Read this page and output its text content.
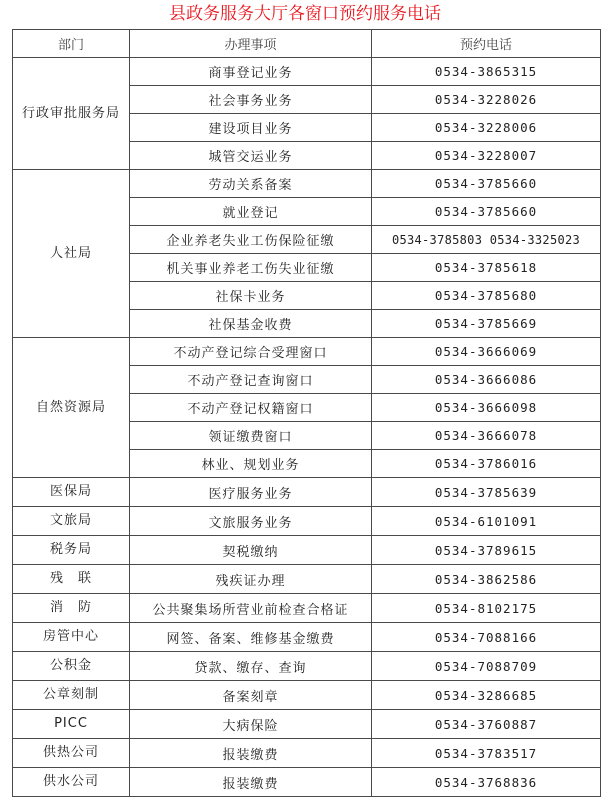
县政务服务大厅各窗口预约服务电话
部门	办理事项	预约电话
行政审批服务局	商事登记业务	0534-3865315
	社会事务业务	0534-3228026
	建设项目业务	0534-3228006
	城管交运业务	0534-3228007
人社局	劳动关系备案	0534-3785660
	就业登记	0534-3785660
	企业养老失业工伤保险征缴	0534-3785803 0534-3325023
	机关事业养老工伤失业征缴	0534-3785618
	社保卡业务	0534-3785680
	社保基金收费	0534-3785669
自然资源局	不动产登记综合受理窗口	0534-3666069
	不动产登记查询窗口	0534-3666086
	不动产登记权籍窗口	0534-3666098
	领证缴费窗口	0534-3666078
	林业、规划业务	0534-3786016
医保局	医疗服务业务	0534-3785639
文旅局	文旅服务业务	0534-6101091
税务局	契税缴纳	0534-3789615
残　联	残疾证办理	0534-3862586
消　防	公共聚集场所营业前检查合格证	0534-8102175
房管中心	网签、备案、维修基金缴费	0534-7088166
公积金	贷款、缴存、查询	0534-7088709
公章刻制	备案刻章	0534-3286685
PICC	大病保险	0534-3760887
供热公司	报装缴费	0534-3783517
供水公司	报装缴费	0534-3768836
